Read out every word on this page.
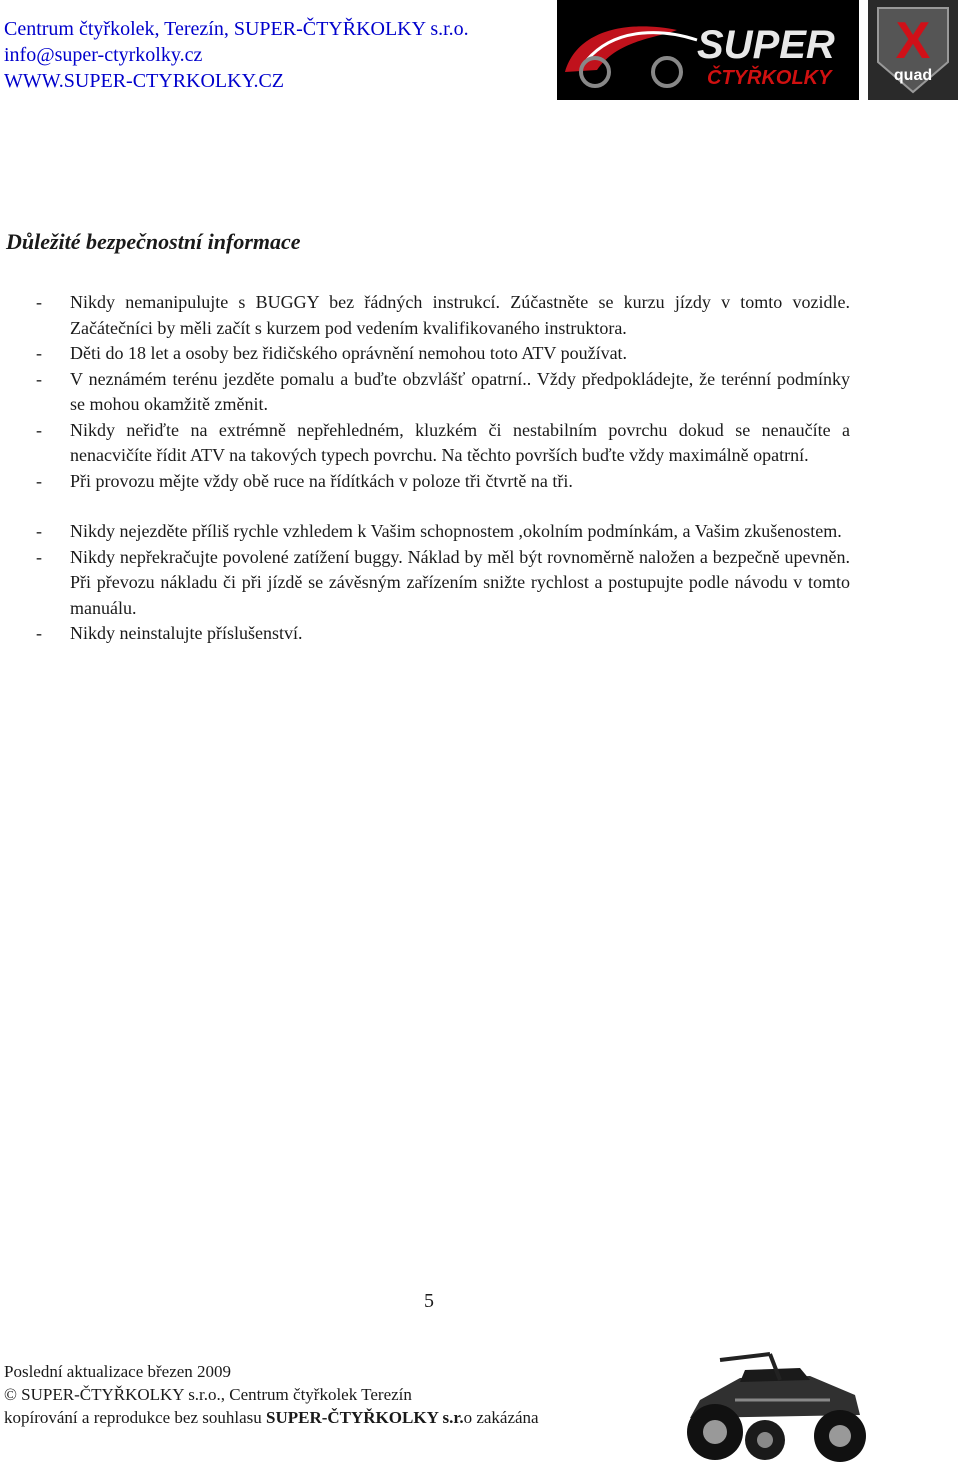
Centrum čtyřkolek, Terezín, SUPER-ČTYŘKOLKY s.r.o.
info@super-ctyrkolky.cz
WWW.SUPER-CTYRKOLKY.CZ
SUPER
ČTYŘKOLKY
X
quad
Důležité bezpečnostní informace
- Nikdy nemanipulujte s BUGGY bez řádných instrukcí. Zúčastněte se kurzu jízdy v tomto vozidle. Začátečníci by měli začít s kurzem pod vedením kvalifikovaného instruktora.
- Děti do 18 let a osoby bez řidičského oprávnění nemohou toto ATV používat.
- V neznámém terénu jezděte pomalu a buďte obzvlášť opatrní.. Vždy předpokládejte, že terénní podmínky se mohou okamžitě změnit.
- Nikdy neřiďte na extrémně nepřehledném, kluzkém či nestabilním povrchu dokud se nenaučíte a nenacvičíte řídit ATV na takových typech povrchu. Na těchto površích buďte vždy maximálně opatrní.
- Při provozu mějte vždy obě ruce na řídítkách v poloze tři čtvrtě na tři.
- Nikdy nejezděte příliš rychle vzhledem k Vašim schopnostem ,okolním podmínkám, a Vašim zkušenostem.
- Nikdy nepřekračujte povolené zatížení buggy. Náklad by měl být rovnoměrně naložen a bezpečně upevněn. Při převozu nákladu či při jízdě se závěsným zařízením snižte rychlost a postupujte podle návodu v tomto manuálu.
- Nikdy neinstalujte příslušenství.
5
Poslední aktualizace březen 2009
© SUPER-ČTYŘKOLKY s.r.o., Centrum čtyřkolek Terezín
kopírování a reprodukce bez souhlasu SUPER-ČTYŘKOLKY s.r.o zakázána
